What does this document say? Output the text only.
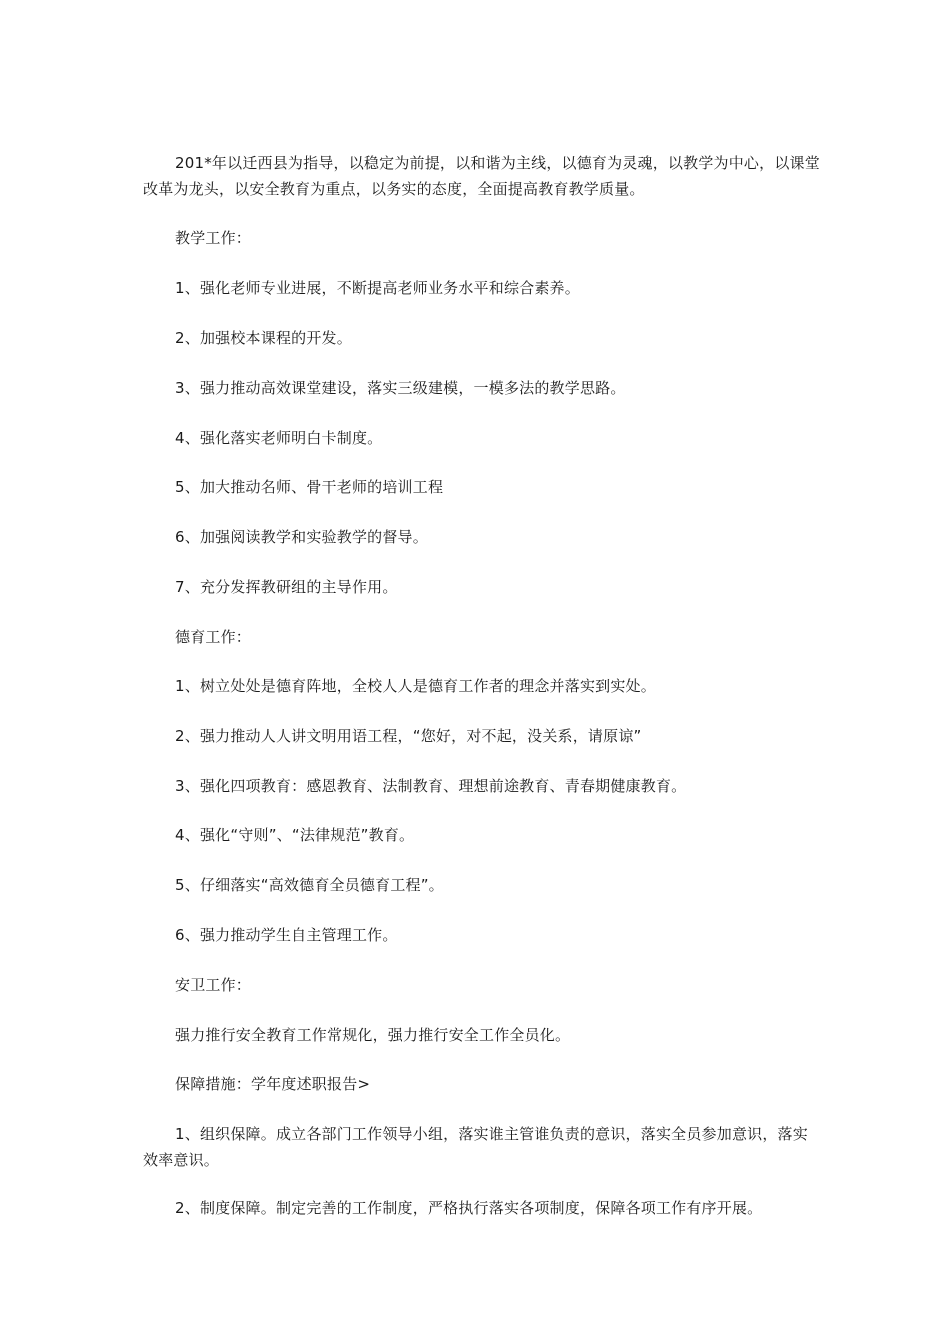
201*年以迁西县为指导，以稳定为前提，以和谐为主线，以德育为灵魂，以教学为中心，以课堂改革为龙头，以安全教育为重点，以务实的态度，全面提高教育教学质量。

教学工作：

1、强化老师专业进展，不断提高老师业务水平和综合素养。

2、加强校本课程的开发。

3、强力推动高效课堂建设，落实三级建模，一模多法的教学思路。

4、强化落实老师明白卡制度。

5、加大推动名师、骨干老师的培训工程

6、加强阅读教学和实验教学的督导。

7、充分发挥教研组的主导作用。

德育工作：

1、树立处处是德育阵地，全校人人是德育工作者的理念并落实到实处。

2、强力推动人人讲文明用语工程，“您好，对不起，没关系，请原谅”

3、强化四项教育：感恩教育、法制教育、理想前途教育、青春期健康教育。

4、强化“守则”、“法律规范”教育。

5、仔细落实“高效德育全员德育工程”。

6、强力推动学生自主管理工作。

安卫工作：

强力推行安全教育工作常规化，强力推行安全工作全员化。

保障措施：学年度述职报告>

1、组织保障。成立各部门工作领导小组，落实谁主管谁负责的意识，落实全员参加意识，落实效率意识。

2、制度保障。制定完善的工作制度，严格执行落实各项制度，保障各项工作有序开展。
